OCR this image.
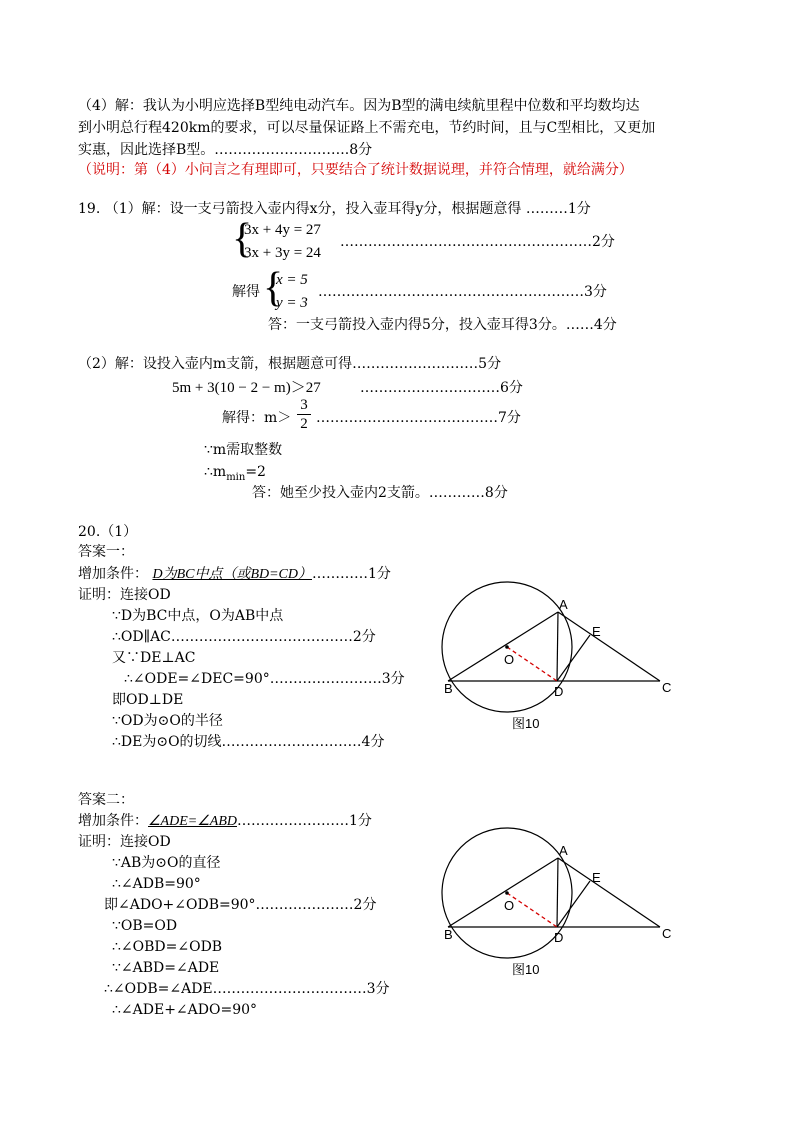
（4）解：我认为小明应选择B型纯电动汽车。因为B型的满电续航里程中位数和平均数均达
到小明总行程420km的要求，可以尽量保证路上不需充电，节约时间，且与C型相比，又更加
实惠，因此选择B型。………………………..8分
（说明：第（4）小问言之有理即可，只要结合了统计数据说理，并符合情理，就给满分）
19. （1）解：设一支弓箭投入壶内得x分，投入壶耳得y分，根据题意得 ………1分
{
3x + 4y = 27
3x + 3y = 24
………………………………………………2分
解得 {
x = 5
y = 3
…………………………………………………3分
答：一支弓箭投入壶内得5分，投入壶耳得3分。……4分
（2）解：设投入壶内m支箭，根据题意可得………………………5分
5m + 3(10 − 2 − m)＞27	…………………………6分
解得：m＞
3
2 …………………………………7分
∵m需取整数
$\therefore m_{min}=2$
答：她至少投入壶内2支箭。…………8分
20.（1）
答案一：
增加条件： D为BC中点（或BD=CD）…………1分
证明：连接OD
∵D为BC中点，O为AB中点
∴OD∥AC…………………………………2分
又∵DE⊥AC
∴∠ODE=∠DEC=90°……………………3分
即OD⊥DE
∵OD为⊙O的半径
∴DE为⊙O的切线…………………………4分
A
B	C
D
E
O
图10
答案二：
增加条件：∠ADE=∠ABD……………………1分
证明：连接OD
∵AB为⊙O的直径
∴∠ADB=90°
即∠ADO+∠ODB=90°…………………2分
∵OB=OD
∴∠OBD=∠ODB
∵∠ABD=∠ADE
∴∠ODB=∠ADE……………………………3分
∴∠ADE+∠ADO=90°
A
B	C
D
E
O
图10
